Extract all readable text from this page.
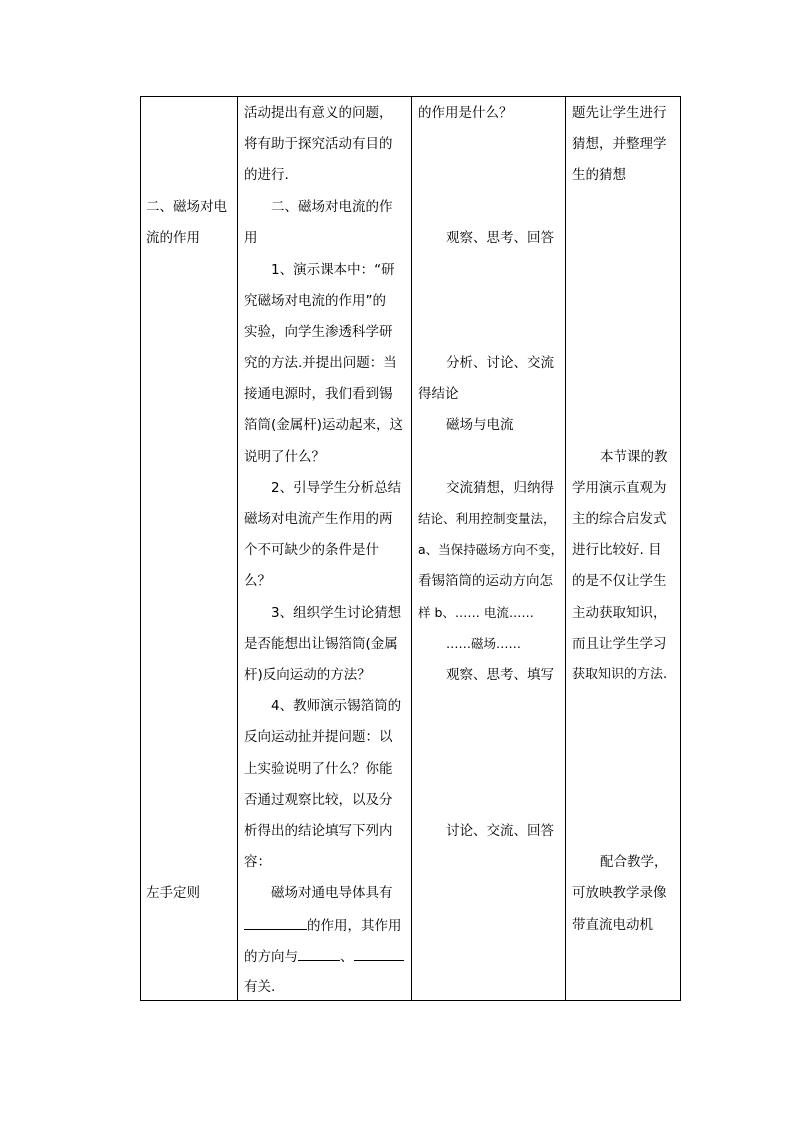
二、磁场对电
流的作用
左手定则
活动提出有意义的问题，
将有助于探究活动有目的
的进行.
二、磁场对电流的作
用
1、演示课本中：“研
究磁场对电流的作用”的
实验，向学生渗透科学研
究的方法.并提出问题：当
接通电源时，我们看到锡
箔筒(金属杆)运动起来，这
说明了什么？
2、引导学生分析总结
磁场对电流产生作用的两
个不可缺少的条件是什
么？
3、组织学生讨论猜想
是否能想出让锡箔筒(金属
杆)反向运动的方法？
4、教师演示锡箔筒的
反向运动扯并提问题：以
上实验说明了什么？你能
否通过观察比较，以及分
析得出的结论填写下列内
容：
磁场对通电导体具有
的作用，其作用
的方向与	、
有关.
的作用是什么？
观察、思考、回答
分析、讨论、交流
得结论
磁场与电流
交流猜想，归纳得
结论、利用控制变量法，
a、当保持磁场方向不变，
看锡箔筒的运动方向怎
样 b、…… 电流……
……磁场……
观察、思考、填写
讨论、交流、回答
题先让学生进行
猜想，并整理学
生的猜想
本节课的教
学用演示直观为
主的综合启发式
进行比较好. 目
的是不仅让学生
主动获取知识，
而且让学生学习
获取知识的方法.
配合教学，
可放映教学录像
带直流电动机
